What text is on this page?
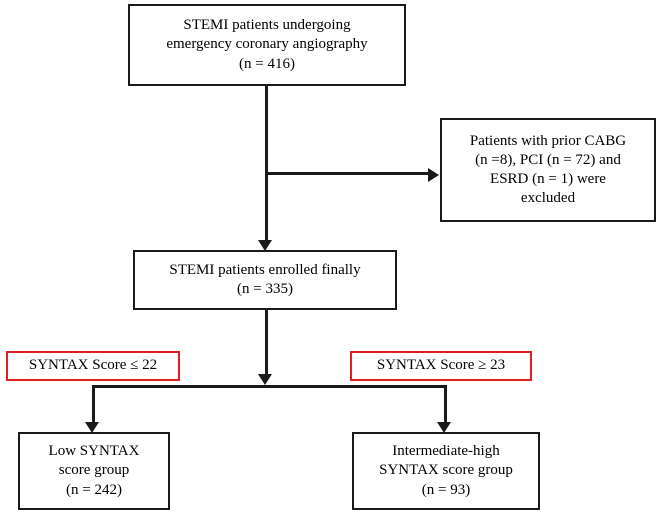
STEMI patients undergoing
emergency coronary angiography
(n = 416)
Patients with prior CABG
(n =8), PCI (n = 72) and
ESRD (n = 1) were
excluded
STEMI patients enrolled finally
(n = 335)
SYNTAX Score ≤ 22	SYNTAX Score ≥ 23
Low SYNTAX
score group
(n = 242)
Intermediate-high
SYNTAX score group
(n = 93)
